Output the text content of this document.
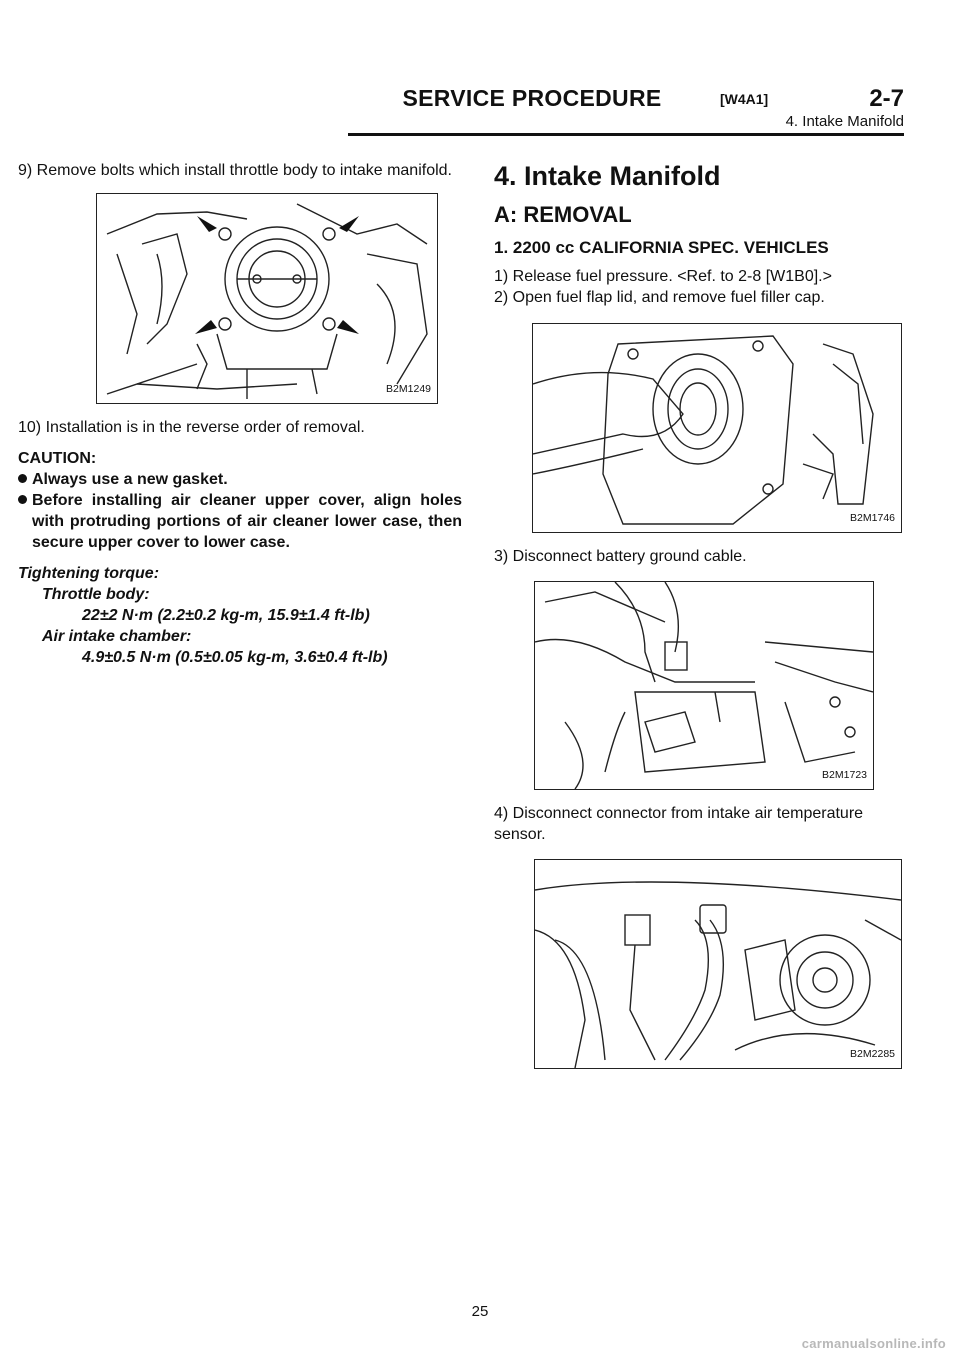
SERVICE PROCEDURE	[W4A1]	2-7
4. Intake Manifold

9) Remove bolts which install throttle body to intake manifold.

B2M1249

10) Installation is in the reverse order of removal.

CAUTION:

Always use a new gasket.

Before installing air cleaner upper cover, align holes with protruding portions of air cleaner lower case, then secure upper cover to lower case.

Tightening torque:

Throttle body:

22±2 N·m (2.2±0.2 kg-m, 15.9±1.4 ft-lb)

Air intake chamber:

4.9±0.5 N·m (0.5±0.05 kg-m, 3.6±0.4 ft-lb)

4. Intake Manifold
A: REMOVAL
1. 2200 cc CALIFORNIA SPEC. VEHICLES

1) Release fuel pressure. <Ref. to 2-8 [W1B0].>

2) Open fuel flap lid, and remove fuel filler cap.

B2M1746

3) Disconnect battery ground cable.

B2M1723

4) Disconnect connector from intake air temperature sensor.

B2M2285
25
carmanualsonline.info
